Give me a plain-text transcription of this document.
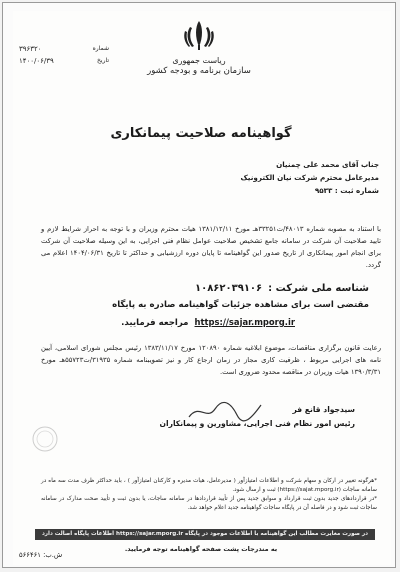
۳۹۶۳۲۰	شماره
۱۴۰۰/۰۶/۳۹	تاریخ	ریاست جمهوری
سازمان برنامه و بودجه کشور
گواهینامه صلاحیت پیمانکاری
جناب آقای محمد علی چمنیان
مدیرعامل محترم شرکت نیان الکترونیک
شماره ثبت : ۹۵۳۳
با استناد به مصوبه شماره ۴۸۰۱۳/ت۳۳۲۵۱هـ مورخ ۱۳۸۱/۱۲/۱۱ هیات محترم وزیران و با توجه به احراز شرایط لازم و تایید صلاحیت آن شرکت در سامانه جامع تشخیص صلاحیت عوامل نظام فنی اجرایی، به این وسیله صلاحیت آن شرکت برای انجام امور پیمانکاری از تاریخ صدور این گواهینامه تا پایان دوره ارزشیابی و حداکثر تا تاریخ ۱۴۰۴/۰۶/۳۱ اعلام می گردد.
شناسه ملی شرکت :
۱۰۸۶۲۰۳۹۱۰۶
مقتضی است برای مشاهده جزئیات گواهینامه صادره به پایگاه
https://sajar.mporg.ir
مراجعه فرمایید.
رعایت قانون برگزاری مناقصات، موضوع ابلاغیه شماره ۱۲۰۸۹۰ مورخ ۱۳۸۳/۱۱/۱۷ رئیس مجلس شورای اسلامی، آیین نامه های اجرایی مربوط ، ظرفیت کاری مجاز در زمان ارجاع کار و نیز تصویبنامه شماره ۳۱۹۳۵/ت۵۵۷۲۳هـ مورخ ۱۳۹۰/۳/۳۱ هیات وزیران در مناقصه محدود ضروری است.
سیدجواد قانع فر
رئیس امور نظام فنی اجرایی، مشاورین و پیمانکاران
*هرگونه تغییر در ارکان و سهام شرکت و اطلاعات امتیازآور ( مدیرعامل، هیات مدیره و کارکنان امتیازآور ) ، باید حداکثر ظرف مدت سه ماه در سامانه ساجات (https://sajat.mporg.ir) ثبت و ارسال شود.
*در قراردادهای جدید بدون ثبت قرارداد و سوابق جدید پس از تأیید قراردادها در سامانه ساجات، یا بدون ثبت و تأیید صحت مدارک در سامانه ساجات ثبت شود و در فاصله آن در پایگاه ساجات گواهینامه جدید اعلام خواهد شد.
در صورت مغایرت مطالب این گواهینامه با اطلاعات موجود در پایگاه https://sajar.mporg.ir اطلاعات پایگاه اصالت دارد
به مندرجات پشت صفحه گواهینامه توجه فرمایید.
ش.ب: ۵۶۶۴۶۱
